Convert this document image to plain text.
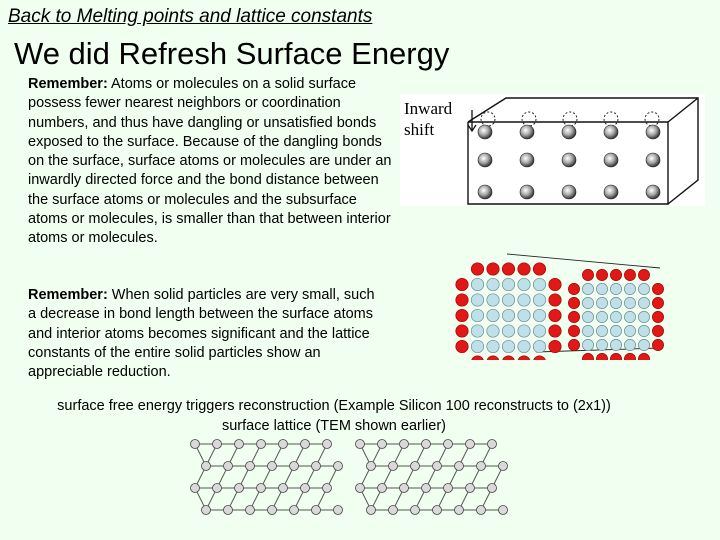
Back to Melting points and lattice constants
We did Refresh Surface Energy
Remember: Atoms or molecules on a solid surface possess fewer nearest neighbors or coordination numbers, and thus have dangling or unsatisfied bonds exposed to the surface. Because of the dangling bonds on the surface, surface atoms or molecules are under an inwardly directed force and the bond distance between the surface atoms or molecules and the subsurface atoms or molecules, is smaller than that between interior atoms or molecules.
Remember: When solid particles are very small, such a decrease in bond length between the surface atoms and interior atoms becomes significant and the lattice constants of the entire solid particles show an appreciable reduction.
surface free energy triggers reconstruction (Example Silicon 100 reconstructs to (2x1)) surface lattice (TEM shown earlier)
Inward
shift
